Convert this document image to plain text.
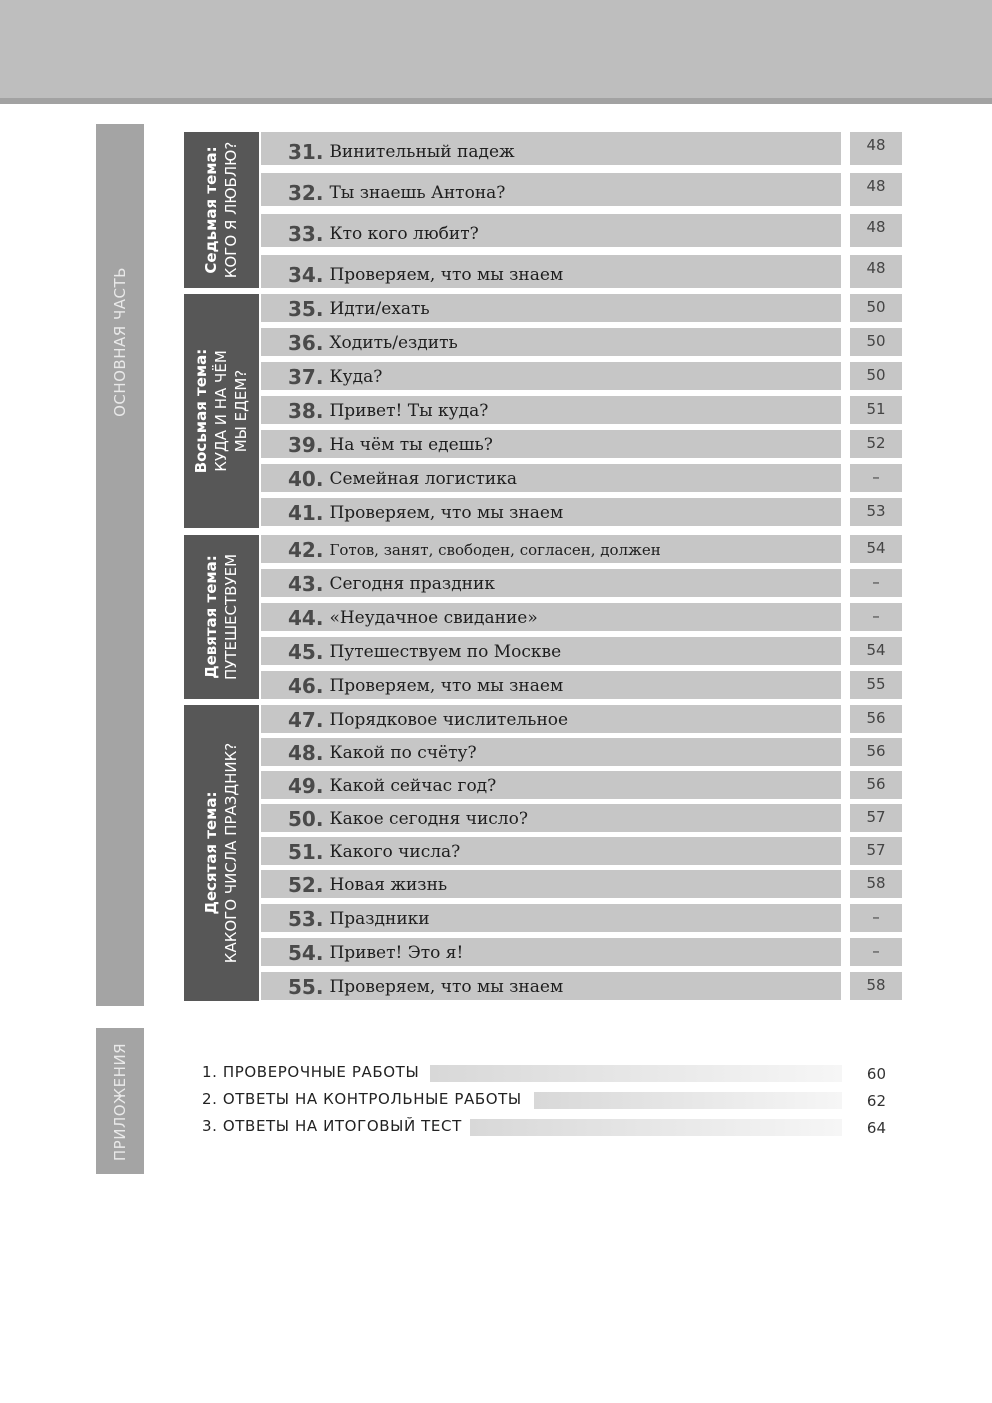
ОСНОВНАЯ ЧАСТЬ
ПРИЛОЖЕНИЯ
Седьмая тема: КОГО Я ЛЮБЛЮ?
Восьмая тема: КУДА И НА ЧЁМ МЫ ЕДЕМ?
Девятая тема: ПУТЕШЕСТВУЕМ
Десятая тема: КАКОГО ЧИСЛА ПРАЗДНИК?
31. Винительный падеж	48
32. Ты знаешь Антона?	48
33. Кто кого любит?	48
34. Проверяем, что мы знаем	48
35. Идти/ехать	50
36. Ходить/ездить	50
37. Куда?	50
38. Привет! Ты куда?	51
39. На чём ты едешь?	52
40. Семейная логистика	–
41. Проверяем, что мы знаем	53
42. Готов, занят, свободен, согласен, должен	54
43. Сегодня праздник	–
44. «Неудачное свидание»	–
45. Путешествуем по Москве	54
46. Проверяем, что мы знаем	55
47. Порядковое числительное	56
48. Какой по счёту?	56
49. Какой сейчас год?	56
50. Какое сегодня число?	57
51. Какого числа?	57
52. Новая жизнь	58
53. Праздники	–
54. Привет! Это я!	–
55. Проверяем, что мы знаем	58
1. ПРОВЕРОЧНЫЕ РАБОТЫ	60
2. ОТВЕТЫ НА КОНТРОЛЬНЫЕ РАБОТЫ	62
3. ОТВЕТЫ НА ИТОГОВЫЙ ТЕСТ	64
